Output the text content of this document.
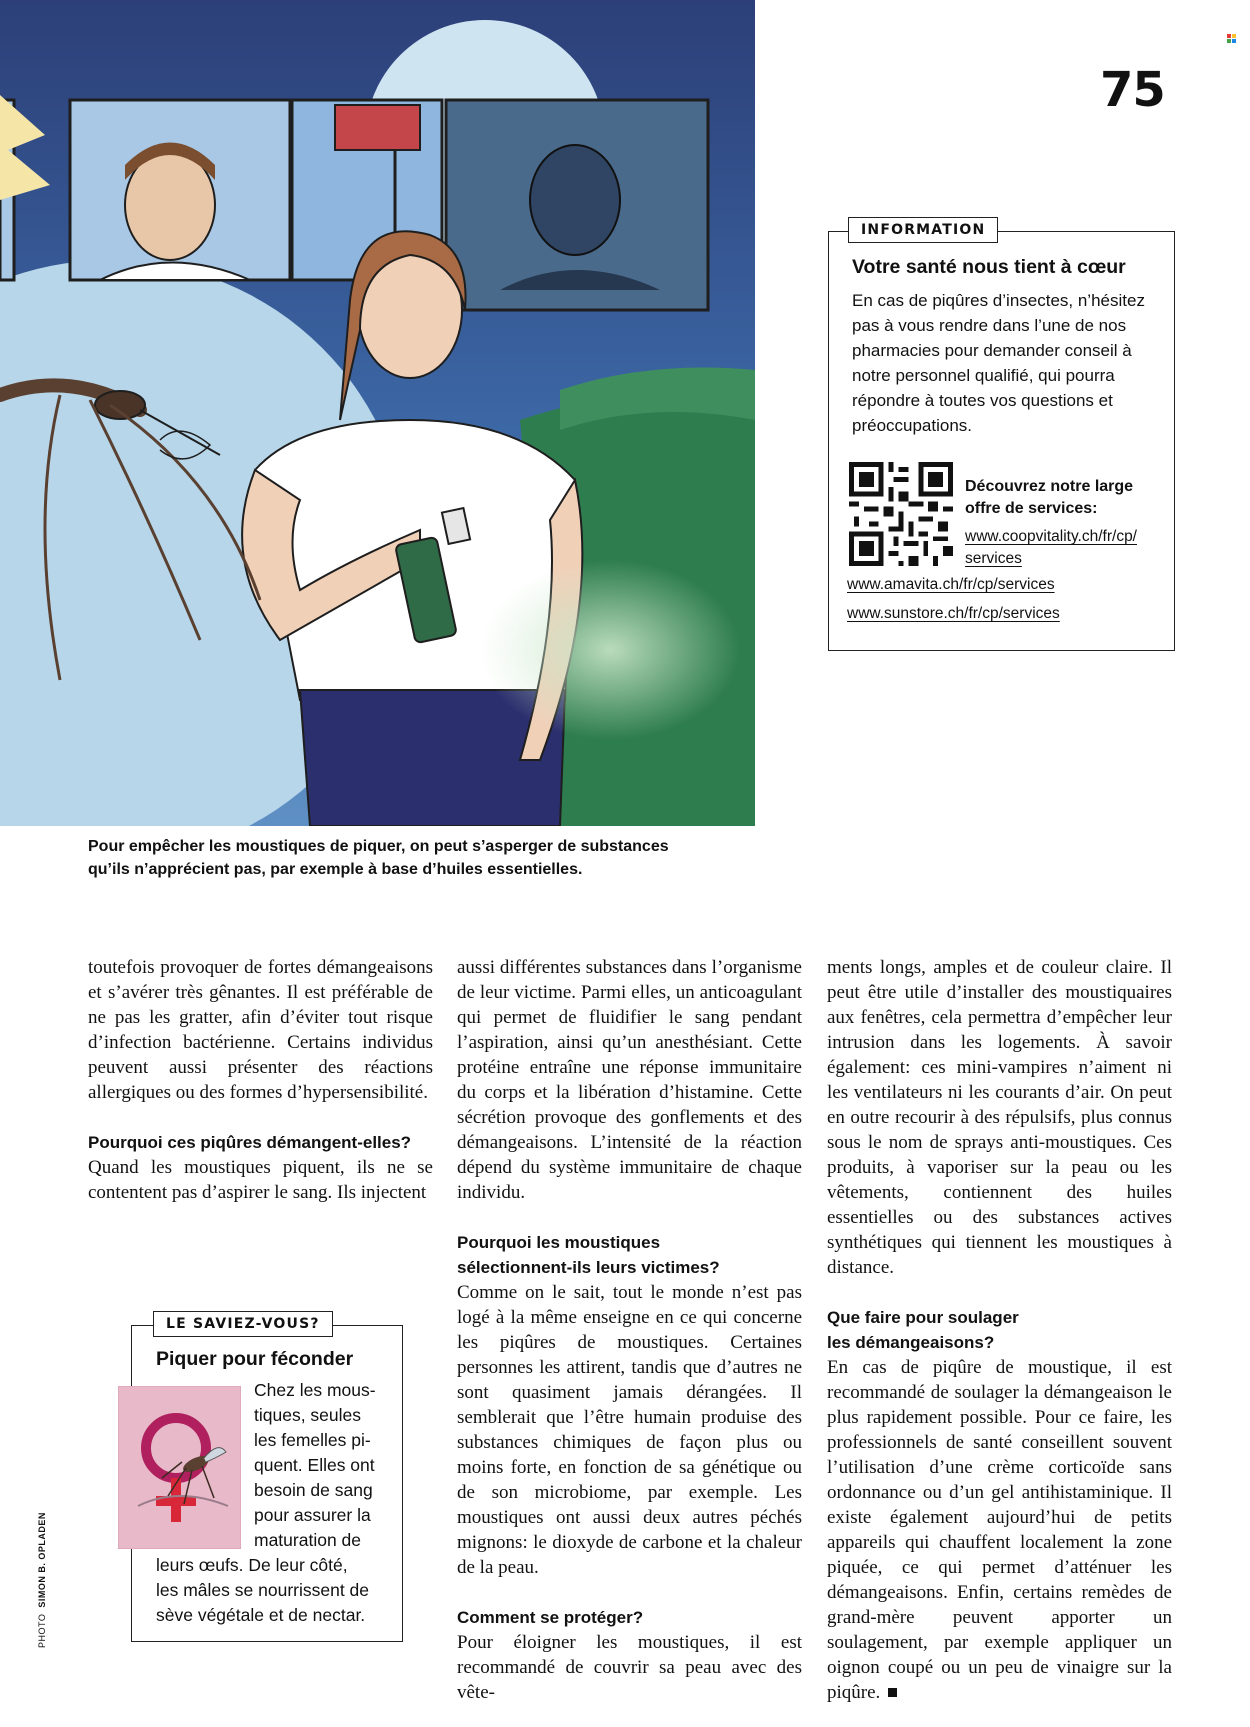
Pour empêcher les moustiques de piquer, on peut s’asperger de substances
qu’ils n’apprécient pas, par exemple à base d’huiles essentielles.
75
INFORMATION
Votre santé nous tient à cœur
En cas de piqûres d’insectes, n’hésitez pas à vous rendre dans l’une de nos pharmacies pour demander conseil à notre personnel qualifié, qui pourra répondre à toutes vos questions et préoccupations.
Découvrez notre large offre de services:
www.coopvitality.ch/fr/cp/
services
www.amavita.ch/fr/cp/services
www.sunstore.ch/fr/cp/services

toutefois provoquer de fortes démangeaisons et s’avérer très gênantes. Il est préférable de ne pas les gratter, afin d’éviter tout risque d’infection bactérienne. Certains individus peuvent aussi présenter des réactions allergiques ou des formes d’hypersensibilité.

Pourquoi ces piqûres démangent-elles?

Quand les moustiques piquent, ils ne se contentent pas d’aspirer le sang. Ils injectent

aussi différentes substances dans l’organisme de leur victime. Parmi elles, un anticoagulant qui permet de fluidifier le sang pendant l’aspiration, ainsi qu’un anesthésiant. Cette protéine entraîne une réponse immunitaire du corps et la libération d’histamine. Cette sécrétion provoque des gonflements et des démangeaisons. L’intensité de la réaction dépend du système immunitaire de chaque individu.

Pourquoi les moustiques
sélectionnent-ils leurs victimes?

Comme on le sait, tout le monde n’est pas logé à la même enseigne en ce qui concerne les piqûres de moustiques. Certaines personnes les attirent, tandis que d’autres ne sont quasiment jamais dérangées. Il semblerait que l’être humain produise des substances chimiques de façon plus ou moins forte, en fonction de sa génétique ou de son microbiome, par exemple. Les moustiques ont aussi deux autres péchés mignons: le dioxyde de carbone et la chaleur de la peau.

Comment se protéger?

Pour éloigner les moustiques, il est recommandé de couvrir sa peau avec des vête-

ments longs, amples et de couleur claire. Il peut être utile d’installer des moustiquaires aux fenêtres, cela permettra d’empêcher leur intrusion dans les logements. À savoir également: ces mini-vampires n’aiment ni les ventilateurs ni les courants d’air. On peut en outre recourir à des répulsifs, plus connus sous le nom de sprays anti-moustiques. Ces produits, à vaporiser sur la peau ou les vêtements, contiennent des huiles essentielles ou des substances actives synthétiques qui tiennent les moustiques à distance.

Que faire pour soulager
les démangeaisons?

En cas de piqûre de moustique, il est recommandé de soulager la démangeaison le plus rapidement possible. Pour ce faire, les professionnels de santé conseillent souvent l’utilisation d’une crème corticoïde sans ordonnance ou d’un gel antihistaminique. Il existe également aujourd’hui de petits appareils qui chauffent localement la zone piquée, ce qui permet d’atténuer les démangeaisons. Enfin, certains remèdes de grand-mère peuvent apporter un soulagement, par exemple appliquer un oignon coupé ou un peu de vinaigre sur la piqûre.

LE SAVIEZ-VOUS?
Piquer pour féconder
Chez les mous-
tiques, seules
les femelles pi-
quent. Elles ont
besoin de sang
pour assurer la
maturation de
leurs œufs. De leur côté,
les mâles se nourrissent de
sève végétale et de nectar.
PHOTO  SIMON B. OPLADEN
